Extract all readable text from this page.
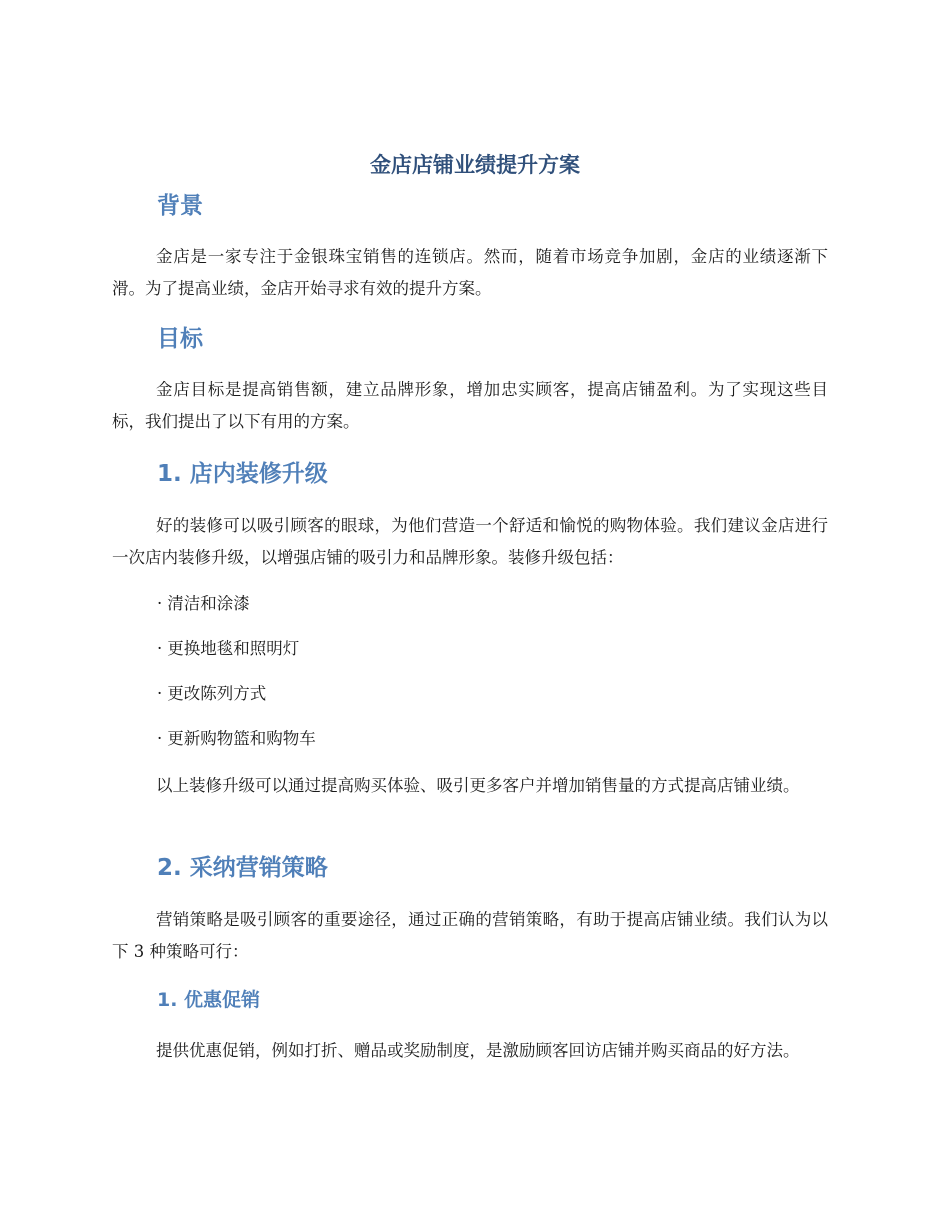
金店店铺业绩提升方案
背景
金店是一家专注于金银珠宝销售的连锁店。然而，随着市场竞争加剧，金店的业绩逐渐下滑。为了提高业绩，金店开始寻求有效的提升方案。
目标
金店目标是提高销售额，建立品牌形象，增加忠实顾客，提高店铺盈利。为了实现这些目标，我们提出了以下有用的方案。
1. 店内装修升级
好的装修可以吸引顾客的眼球，为他们营造一个舒适和愉悦的购物体验。我们建议金店进行一次店内装修升级，以增强店铺的吸引力和品牌形象。装修升级包括：
· 清洁和涂漆
· 更换地毯和照明灯
· 更改陈列方式
· 更新购物篮和购物车
以上装修升级可以通过提高购买体验、吸引更多客户并增加销售量的方式提高店铺业绩。
2. 采纳营销策略
营销策略是吸引顾客的重要途径，通过正确的营销策略，有助于提高店铺业绩。我们认为以下 3 种策略可行：
1. 优惠促销
提供优惠促销，例如打折、赠品或奖励制度，是激励顾客回访店铺并购买商品的好方法。
